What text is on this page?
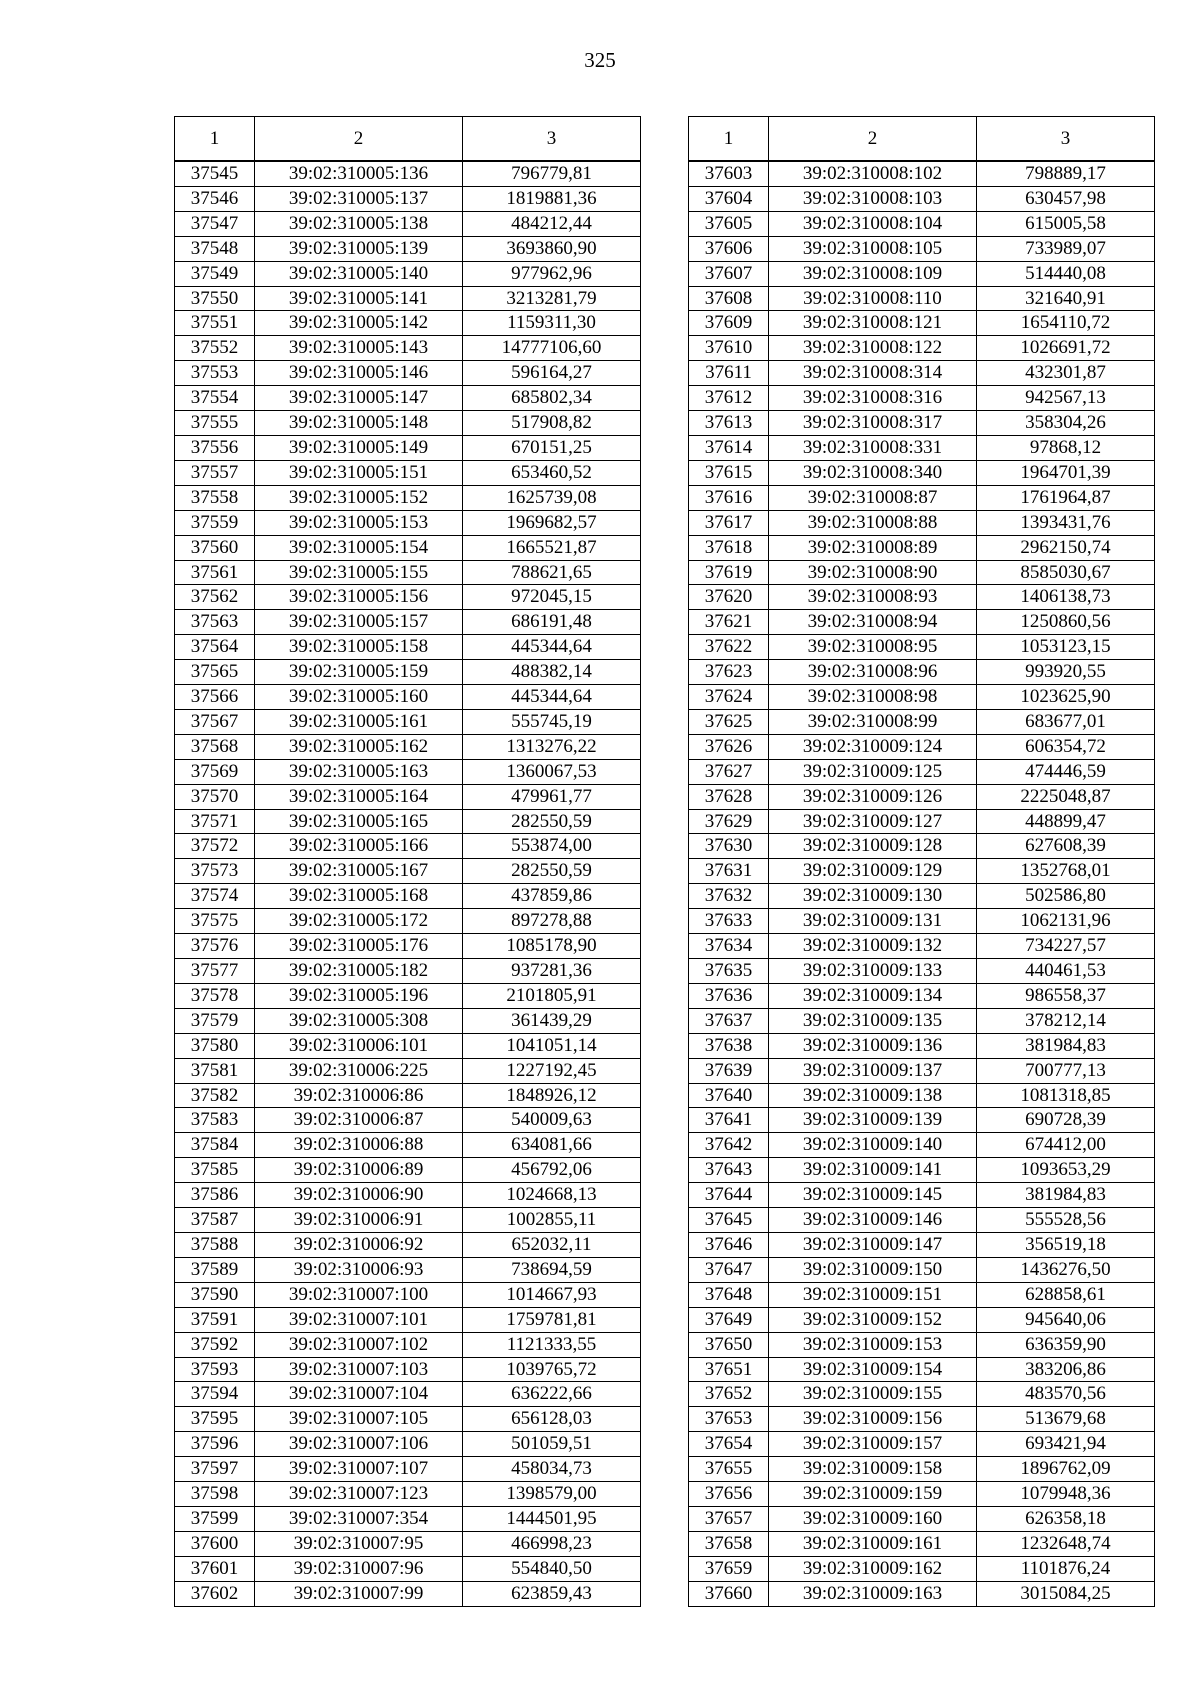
325
1	2	3
37545	39:02:310005:136	796779,81
37546	39:02:310005:137	1819881,36
37547	39:02:310005:138	484212,44
37548	39:02:310005:139	3693860,90
37549	39:02:310005:140	977962,96
37550	39:02:310005:141	3213281,79
37551	39:02:310005:142	1159311,30
37552	39:02:310005:143	14777106,60
37553	39:02:310005:146	596164,27
37554	39:02:310005:147	685802,34
37555	39:02:310005:148	517908,82
37556	39:02:310005:149	670151,25
37557	39:02:310005:151	653460,52
37558	39:02:310005:152	1625739,08
37559	39:02:310005:153	1969682,57
37560	39:02:310005:154	1665521,87
37561	39:02:310005:155	788621,65
37562	39:02:310005:156	972045,15
37563	39:02:310005:157	686191,48
37564	39:02:310005:158	445344,64
37565	39:02:310005:159	488382,14
37566	39:02:310005:160	445344,64
37567	39:02:310005:161	555745,19
37568	39:02:310005:162	1313276,22
37569	39:02:310005:163	1360067,53
37570	39:02:310005:164	479961,77
37571	39:02:310005:165	282550,59
37572	39:02:310005:166	553874,00
37573	39:02:310005:167	282550,59
37574	39:02:310005:168	437859,86
37575	39:02:310005:172	897278,88
37576	39:02:310005:176	1085178,90
37577	39:02:310005:182	937281,36
37578	39:02:310005:196	2101805,91
37579	39:02:310005:308	361439,29
37580	39:02:310006:101	1041051,14
37581	39:02:310006:225	1227192,45
37582	39:02:310006:86	1848926,12
37583	39:02:310006:87	540009,63
37584	39:02:310006:88	634081,66
37585	39:02:310006:89	456792,06
37586	39:02:310006:90	1024668,13
37587	39:02:310006:91	1002855,11
37588	39:02:310006:92	652032,11
37589	39:02:310006:93	738694,59
37590	39:02:310007:100	1014667,93
37591	39:02:310007:101	1759781,81
37592	39:02:310007:102	1121333,55
37593	39:02:310007:103	1039765,72
37594	39:02:310007:104	636222,66
37595	39:02:310007:105	656128,03
37596	39:02:310007:106	501059,51
37597	39:02:310007:107	458034,73
37598	39:02:310007:123	1398579,00
37599	39:02:310007:354	1444501,95
37600	39:02:310007:95	466998,23
37601	39:02:310007:96	554840,50
37602	39:02:310007:99	623859,43
1	2	3
37603	39:02:310008:102	798889,17
37604	39:02:310008:103	630457,98
37605	39:02:310008:104	615005,58
37606	39:02:310008:105	733989,07
37607	39:02:310008:109	514440,08
37608	39:02:310008:110	321640,91
37609	39:02:310008:121	1654110,72
37610	39:02:310008:122	1026691,72
37611	39:02:310008:314	432301,87
37612	39:02:310008:316	942567,13
37613	39:02:310008:317	358304,26
37614	39:02:310008:331	97868,12
37615	39:02:310008:340	1964701,39
37616	39:02:310008:87	1761964,87
37617	39:02:310008:88	1393431,76
37618	39:02:310008:89	2962150,74
37619	39:02:310008:90	8585030,67
37620	39:02:310008:93	1406138,73
37621	39:02:310008:94	1250860,56
37622	39:02:310008:95	1053123,15
37623	39:02:310008:96	993920,55
37624	39:02:310008:98	1023625,90
37625	39:02:310008:99	683677,01
37626	39:02:310009:124	606354,72
37627	39:02:310009:125	474446,59
37628	39:02:310009:126	2225048,87
37629	39:02:310009:127	448899,47
37630	39:02:310009:128	627608,39
37631	39:02:310009:129	1352768,01
37632	39:02:310009:130	502586,80
37633	39:02:310009:131	1062131,96
37634	39:02:310009:132	734227,57
37635	39:02:310009:133	440461,53
37636	39:02:310009:134	986558,37
37637	39:02:310009:135	378212,14
37638	39:02:310009:136	381984,83
37639	39:02:310009:137	700777,13
37640	39:02:310009:138	1081318,85
37641	39:02:310009:139	690728,39
37642	39:02:310009:140	674412,00
37643	39:02:310009:141	1093653,29
37644	39:02:310009:145	381984,83
37645	39:02:310009:146	555528,56
37646	39:02:310009:147	356519,18
37647	39:02:310009:150	1436276,50
37648	39:02:310009:151	628858,61
37649	39:02:310009:152	945640,06
37650	39:02:310009:153	636359,90
37651	39:02:310009:154	383206,86
37652	39:02:310009:155	483570,56
37653	39:02:310009:156	513679,68
37654	39:02:310009:157	693421,94
37655	39:02:310009:158	1896762,09
37656	39:02:310009:159	1079948,36
37657	39:02:310009:160	626358,18
37658	39:02:310009:161	1232648,74
37659	39:02:310009:162	1101876,24
37660	39:02:310009:163	3015084,25
